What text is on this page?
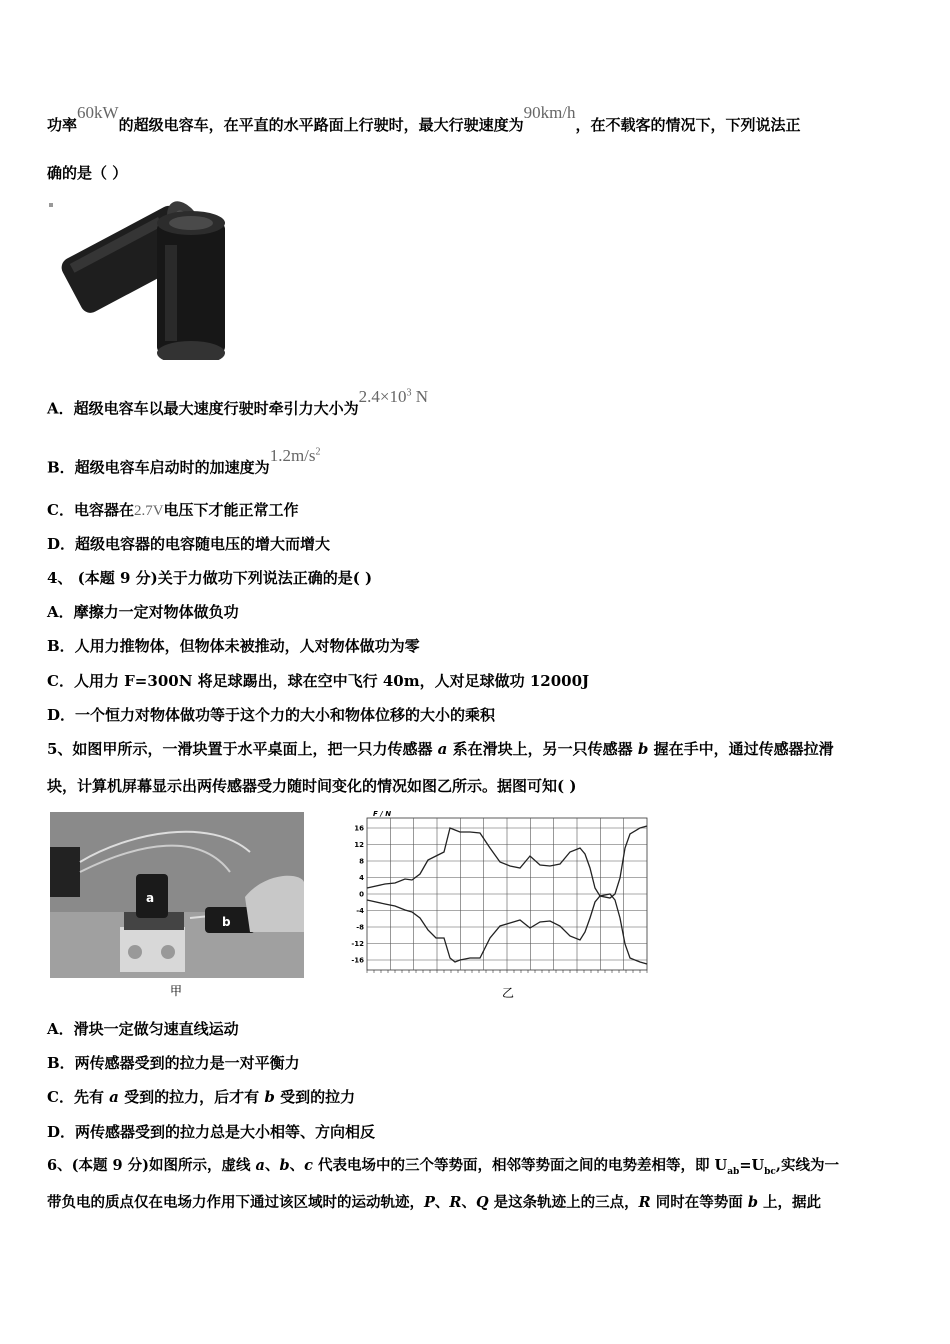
功率60kW的超级电容车，在平直的水平路面上行驶时，最大行驶速度为90km/h，在不载客的情况下，下列说法正
确的是（ ）
A．超级电容车以最大速度行驶时牵引力大小为$2.4\times 10^3$ N
B．超级电容车启动时的加速度为$1.2m/s^2$
C．电容器在2.7V电压下才能正常工作
D．超级电容器的电容随电压的增大而增大
4、 (本题 9 分)关于力做功下列说法正确的是( )
A．摩擦力一定对物体做负功
B．人用力推物体，但物体未被推动，人对物体做功为零
C．人用力 F=300N 将足球踢出，球在空中飞行 40m，人对足球做功 12000J
D．一个恒力对物体做功等于这个力的大小和物体位移的大小的乘积
5、如图甲所示，一滑块置于水平桌面上，把一只力传感器 a 系在滑块上，另一只传感器 b 握在手中，通过传感器拉滑
块，计算机屏幕显示出两传感器受力随时间变化的情况如图乙所示。据图可知( )
a
b
甲
F / N
16
12
8
4
0
-4
-8
-12
-16
乙
A．滑块一定做匀速直线运动
B．两传感器受到的拉力是一对平衡力
C．先有 a 受到的拉力，后才有 b 受到的拉力
D．两传感器受到的拉力总是大小相等、方向相反
6、(本题 9 分)如图所示，虚线 a、b、c 代表电场中的三个等势面，相邻等势面之间的电势差相等，即 $U_{ab}=U_{bc}$,实线为一
带负电的质点仅在电场力作用下通过该区域时的运动轨迹，P、R、Q 是这条轨迹上的三点，R 同时在等势面 b 上，据此
